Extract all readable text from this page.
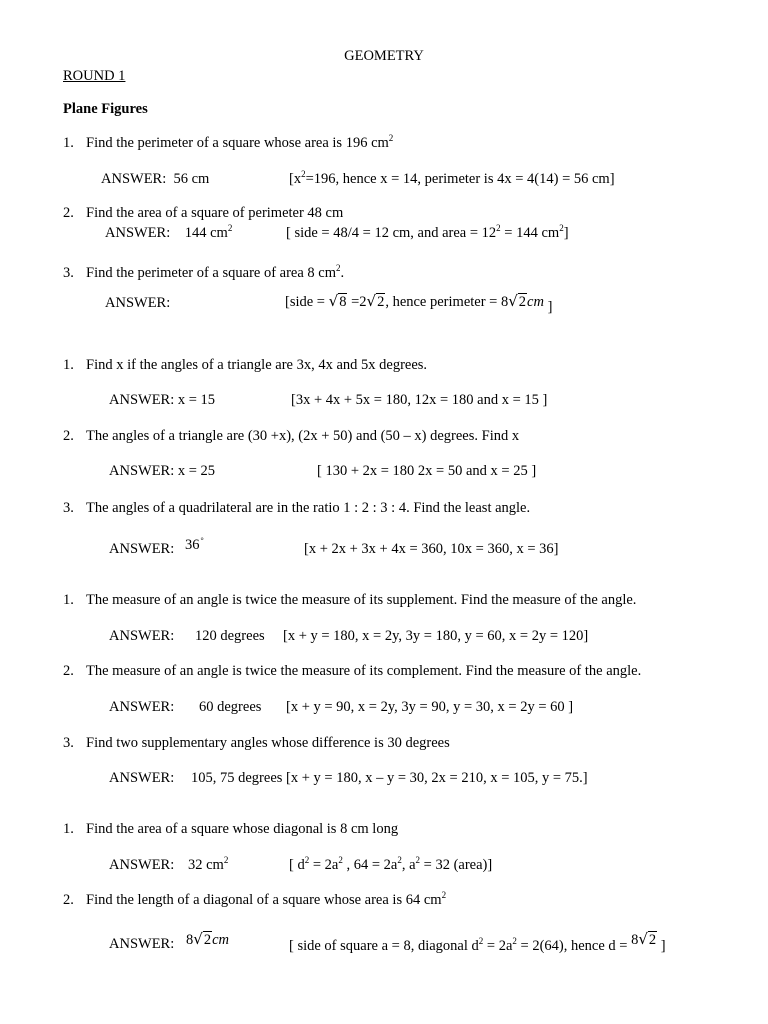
GEOMETRY
ROUND 1
Plane Figures
1. Find the perimeter of a square whose area is 196 $cm^2$
ANSWER: 56 cm	[$x^2=196$, hence x = 14, perimeter is 4x = 4(14) = 56 cm]
2. Find the area of a square of perimeter 48 cm
ANSWER: 144 $cm^2$	[ side = 48/4 = 12 cm, and area = $12^2 = 144$ $cm^2$]
3. Find the perimeter of a square of area 8 $cm^2$.
ANSWER:	[side = √8 =2√2, hence perimeter = 8√2cm ]
1. Find x if the angles of a triangle are 3x, 4x and 5x degrees.
ANSWER: x = 15	[3x + 4x + 5x = 180, 12x = 180 and x = 15 ]
2. The angles of a triangle are (30 +x), (2x + 50) and (50 – x) degrees. Find x
ANSWER: x = 25	[ 130 + 2x = 180 2x = 50 and x = 25 ]
3. The angles of a quadrilateral are in the ratio 1 : 2 : 3 : 4. Find the least angle.
ANSWER: 36°
[x + 2x + 3x + 4x = 360, 10x = 360, x = 36]
1. The measure of an angle is twice the measure of its supplement. Find the measure of the angle.
ANSWER: 120 degrees [x + y = 180, x = 2y, 3y = 180, y = 60, x = 2y = 120]
2. The measure of an angle is twice the measure of its complement. Find the measure of the angle.
ANSWER: 60 degrees [x + y = 90, x = 2y, 3y = 90, y = 30, x = 2y = 60 ]
3. Find two supplementary angles whose difference is 30 degrees
ANSWER: 105, 75 degrees [x + y = 180, x – y = 30, 2x = 210, x = 105, y = 75.]
1. Find the area of a square whose diagonal is 8 cm long
ANSWER: 32 $cm^2$	[ $d^2 = 2a^2$ , $64 = 2a^2$, $a^2 = 32$ (area)]
2. Find the length of a diagonal of a square whose area is 64 $cm^2$
ANSWER: 8√2cm	[ side of square a = 8, diagonal $d^2 = 2a^2 = 2(64)$, hence d = 8√2 ]
